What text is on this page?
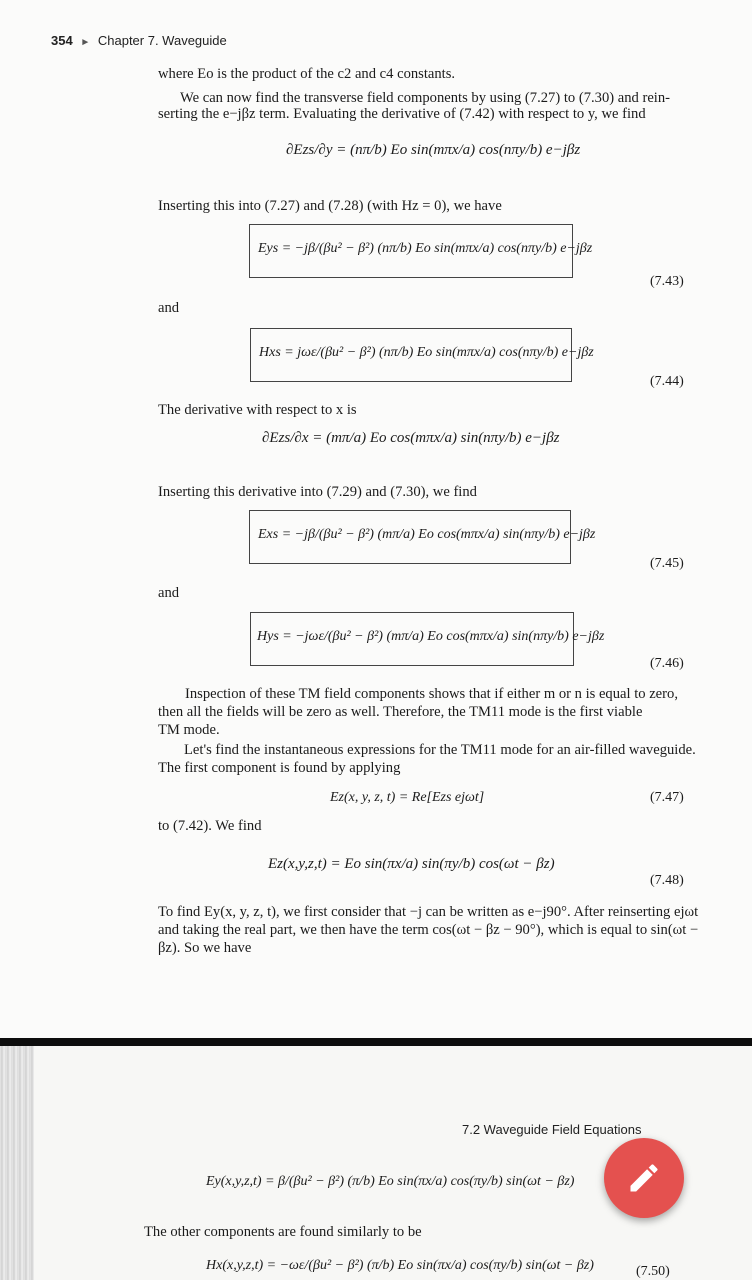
354 ► Chapter 7. Waveguide
where Eo is the product of the c2 and c4 constants.
We can now find the transverse field components by using (7.27) to (7.30) and rein-
serting the e−jβz term. Evaluating the derivative of (7.42) with respect to y, we find
∂Ezs/∂y = (nπ/b) Eo sin(mπx/a) cos(nπy/b) e−jβz
Inserting this into (7.27) and (7.28) (with Hz = 0), we have
Eys = −jβ/(βu² − β²) (nπ/b) Eo sin(mπx/a) cos(nπy/b) e−jβz
(7.43)
and
Hxs = jωε/(βu² − β²) (nπ/b) Eo sin(mπx/a) cos(nπy/b) e−jβz
(7.44)
The derivative with respect to x is
∂Ezs/∂x = (mπ/a) Eo cos(mπx/a) sin(nπy/b) e−jβz
Inserting this derivative into (7.29) and (7.30), we find
Exs = −jβ/(βu² − β²) (mπ/a) Eo cos(mπx/a) sin(nπy/b) e−jβz
(7.45)
and
Hys = −jωε/(βu² − β²) (mπ/a) Eo cos(mπx/a) sin(nπy/b) e−jβz
(7.46)
Inspection of these TM field components shows that if either m or n is equal to zero,
then all the fields will be zero as well. Therefore, the TM11 mode is the first viable
TM mode.
Let's find the instantaneous expressions for the TM11 mode for an air-filled waveguide.
The first component is found by applying
Ez(x, y, z, t) = Re[Ezs ejωt]	(7.47)
to (7.42). We find
Ez(x,y,z,t) = Eo sin(πx/a) sin(πy/b) cos(ωt − βz)
(7.48)
To find Ey(x, y, z, t), we first consider that −j can be written as e−j90°. After reinserting ejωt
and taking the real part, we then have the term cos(ωt − βz − 90°), which is equal to sin(ωt −
βz). So we have
7.2 Waveguide Field Equations
Ey(x,y,z,t) = β/(βu² − β²) (π/b) Eo sin(πx/a) cos(πy/b) sin(ωt − βz)
The other components are found similarly to be
Hx(x,y,z,t) = −ωε/(βu² − β²) (π/b) Eo sin(πx/a) cos(πy/b) sin(ωt − βz)	(7.50)
